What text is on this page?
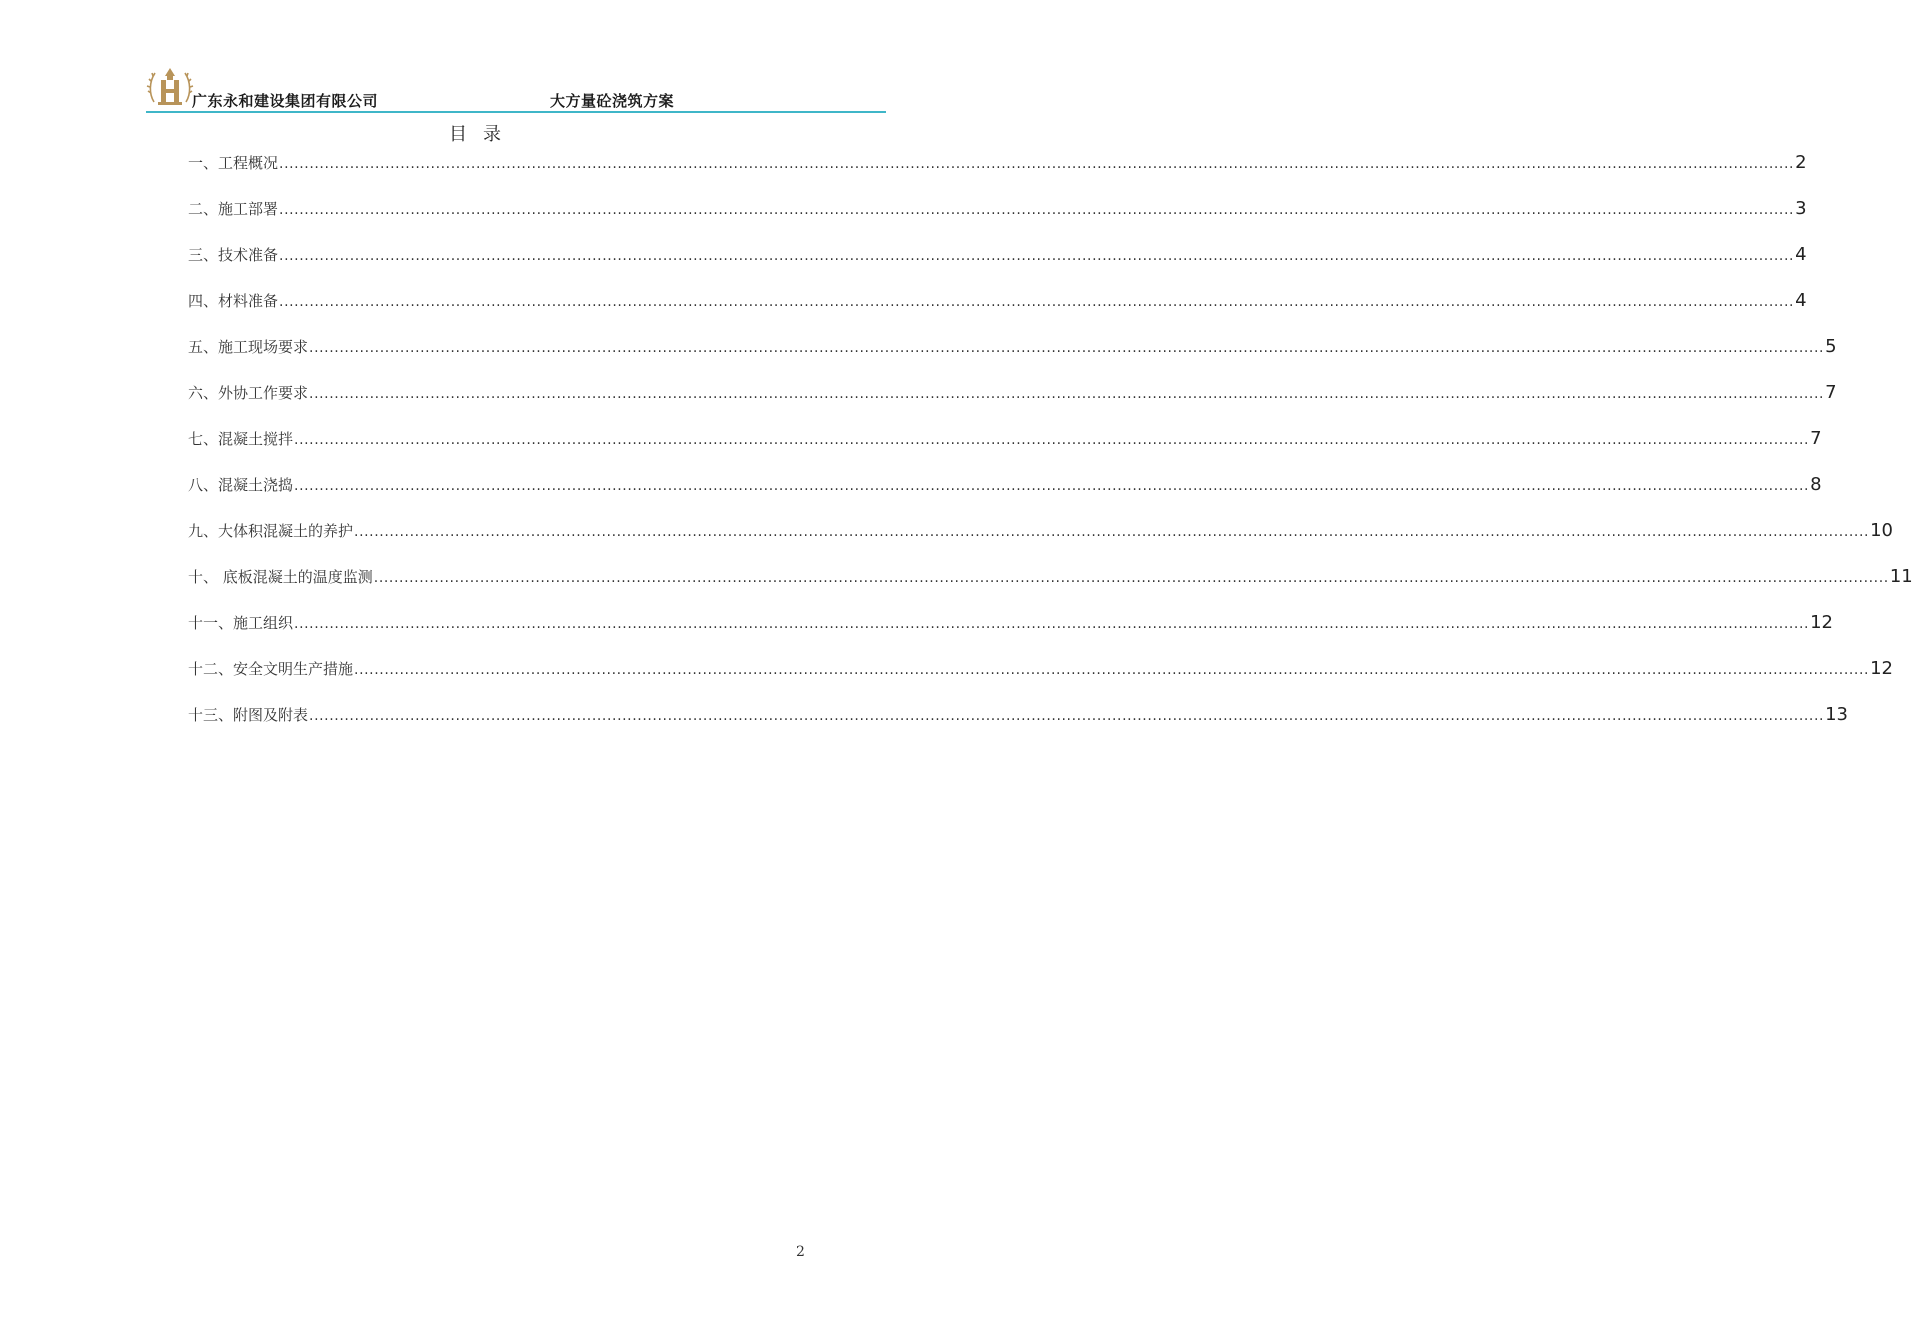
广东永和建设集团有限公司	大方量砼浇筑方案
目录
一、工程概况 ............................................................................................................................................................................................................................................................................................................ 2
二、施工部署 ............................................................................................................................................................................................................................................................................................................ 3
三、技术准备 ............................................................................................................................................................................................................................................................................................................ 4
四、材料准备 ............................................................................................................................................................................................................................................................................................................ 4
五、施工现场要求 ............................................................................................................................................................................................................................................................................................................ 5
六、外协工作要求 ............................................................................................................................................................................................................................................................................................................ 7
七、混凝土搅拌 ............................................................................................................................................................................................................................................................................................................ 7
八、混凝土浇捣 ............................................................................................................................................................................................................................................................................................................ 8
九、大体积混凝土的养护 ............................................................................................................................................................................................................................................................................................................ 10
十、 底板混凝土的温度监测 ............................................................................................................................................................................................................................................................................................................ 11
十一、施工组织 ............................................................................................................................................................................................................................................................................................................ 12
十二、安全文明生产措施 ............................................................................................................................................................................................................................................................................................................ 12
十三、附图及附表 ............................................................................................................................................................................................................................................................................................................ 13
2
